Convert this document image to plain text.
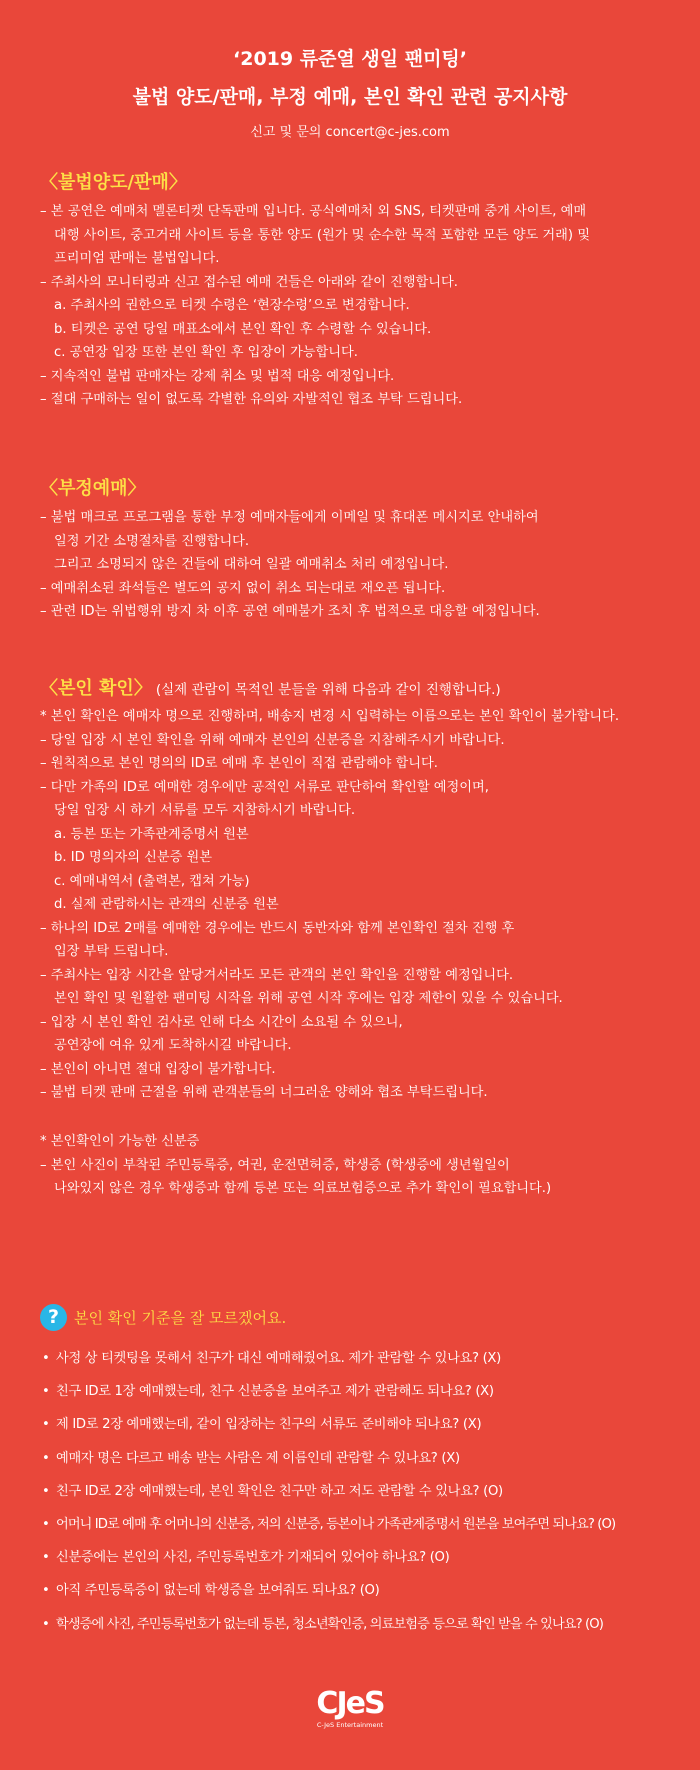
‘2019 류준열 생일 팬미팅’
불법 양도/판매, 부정 예매, 본인 확인 관련 공지사항
신고 및 문의 concert@c-jes.com
〈불법양도/판매〉
– 본 공연은 예매처 멜론티켓 단독판매 입니다. 공식예매처 외 SNS, 티켓판매 중개 사이트, 예매
대행 사이트, 중고거래 사이트 등을 통한 양도 (원가 및 순수한 목적 포함한 모든 양도 거래) 및
프리미엄 판매는 불법입니다.
– 주최사의 모니터링과 신고 접수된 예매 건들은 아래와 같이 진행합니다.
a. 주최사의 권한으로 티켓 수령은 ‘현장수령’으로 변경합니다.
b. 티켓은 공연 당일 매표소에서 본인 확인 후 수령할 수 있습니다.
c. 공연장 입장 또한 본인 확인 후 입장이 가능합니다.
– 지속적인 불법 판매자는 강제 취소 및 법적 대응 예정입니다.
– 절대 구매하는 일이 없도록 각별한 유의와 자발적인 협조 부탁 드립니다.
〈부정예매〉
– 불법 매크로 프로그램을 통한 부정 예매자들에게 이메일 및 휴대폰 메시지로 안내하여
일정 기간 소명절차를 진행합니다.
그리고 소명되지 않은 건들에 대하여 일괄 예매취소 처리 예정입니다.
– 예매취소된 좌석들은 별도의 공지 없이 취소 되는대로 재오픈 됩니다.
– 관련 ID는 위법행위 방지 차 이후 공연 예매불가 조치 후 법적으로 대응할 예정입니다.
〈본인 확인〉 (실제 관람이 목적인 분들을 위해 다음과 같이 진행합니다.)
* 본인 확인은 예매자 명으로 진행하며, 배송지 변경 시 입력하는 이름으로는 본인 확인이 불가합니다.
– 당일 입장 시 본인 확인을 위해 예매자 본인의 신분증을 지참해주시기 바랍니다.
– 원칙적으로 본인 명의의 ID로 예매 후 본인이 직접 관람해야 합니다.
– 다만 가족의 ID로 예매한 경우에만 공적인 서류로 판단하여 확인할 예정이며,
당일 입장 시 하기 서류를 모두 지참하시기 바랍니다.
a. 등본 또는 가족관계증명서 원본
b. ID 명의자의 신분증 원본
c. 예매내역서 (출력본, 캡쳐 가능)
d. 실제 관람하시는 관객의 신분증 원본
– 하나의 ID로 2매를 예매한 경우에는 반드시 동반자와 함께 본인확인 절차 진행 후
입장 부탁 드립니다.
– 주최사는 입장 시간을 앞당겨서라도 모든 관객의 본인 확인을 진행할 예정입니다.
본인 확인 및 원활한 팬미팅 시작을 위해 공연 시작 후에는 입장 제한이 있을 수 있습니다.
– 입장 시 본인 확인 검사로 인해 다소 시간이 소요될 수 있으니,
공연장에 여유 있게 도착하시길 바랍니다.
– 본인이 아니면 절대 입장이 불가합니다.
– 불법 티켓 판매 근절을 위해 관객분들의 너그러운 양해와 협조 부탁드립니다.
* 본인확인이 가능한 신분증
– 본인 사진이 부착된 주민등록증, 여권, 운전면허증, 학생증 (학생증에 생년월일이
나와있지 않은 경우 학생증과 함께 등본 또는 의료보험증으로 추가 확인이 필요합니다.)
? 본인 확인 기준을 잘 모르겠어요.
• 사정 상 티켓팅을 못해서 친구가 대신 예매해줬어요. 제가 관람할 수 있나요? (X)
• 친구 ID로 1장 예매했는데, 친구 신분증을 보여주고 제가 관람해도 되나요? (X)
• 제 ID로 2장 예매했는데, 같이 입장하는 친구의 서류도 준비해야 되나요? (X)
• 예매자 명은 다르고 배송 받는 사람은 제 이름인데 관람할 수 있나요? (X)
• 친구 ID로 2장 예매했는데, 본인 확인은 친구만 하고 저도 관람할 수 있나요? (O)
• 어머니 ID로 예매 후 어머니의 신분증, 저의 신분증, 등본이나 가족관계증명서 원본을 보여주면 되나요? (O)
• 신분증에는 본인의 사진, 주민등록번호가 기재되어 있어야 하나요? (O)
• 아직 주민등록증이 없는데 학생증을 보여줘도 되나요? (O)
• 학생증에 사진, 주민등록번호가 없는데 등본, 청소년확인증, 의료보험증 등으로 확인 받을 수 있나요? (O)
CJeS
C-JeS Entertainment
